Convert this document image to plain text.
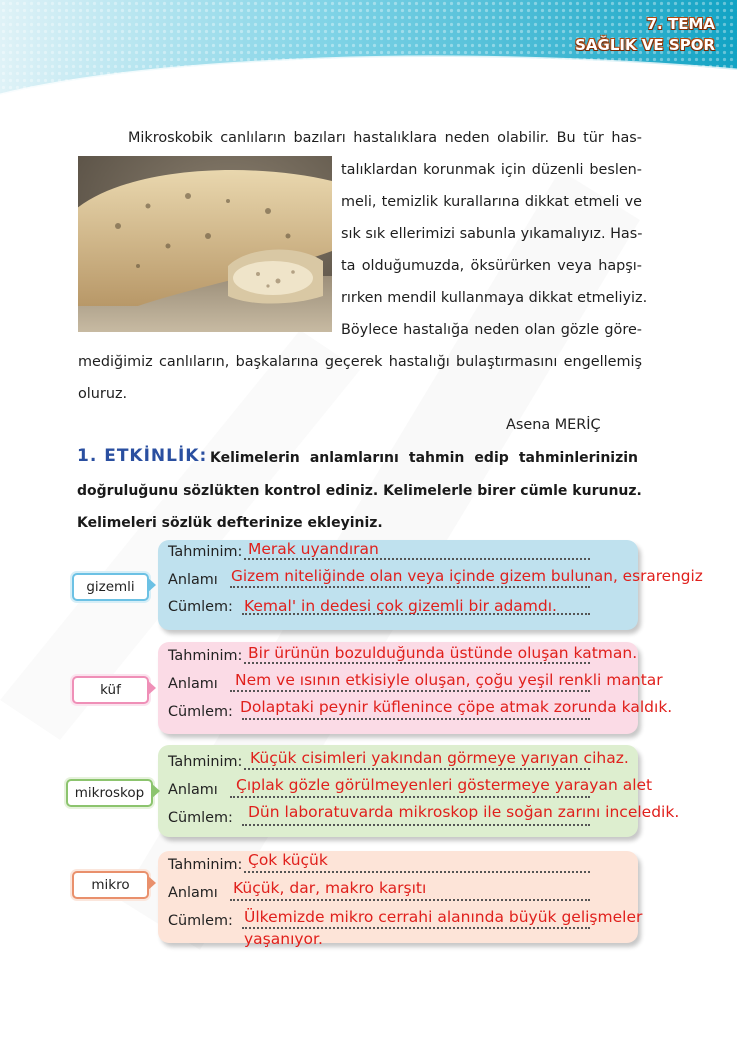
7. TEMA
SAĞLIK VE SPOR
Mikroskobik canlıların bazıları hastalıklara neden olabilir. Bu tür has-
talıklardan korunmak için düzenli beslen-
meli, temizlik kurallarına dikkat etmeli ve
sık sık ellerimizi sabunla yıkamalıyız. Has-
ta olduğumuzda, öksürürken veya hapşı-
rırken mendil kullanmaya dikkat etmeliyiz.
Böylece hastalığa neden olan gözle göre-
mediğimiz canlıların, başkalarına geçerek hastalığı bulaştırmasını engellemiş
oluruz.
Asena MERİÇ
1. ETKİNLİK: Kelimelerin anlamlarını tahmin edip tahminlerinizin
doğruluğunu sözlükten kontrol ediniz. Kelimelerle birer cümle kurunuz.
Kelimeleri sözlük defterinize ekleyiniz.
gizemli
Tahminim: Merak uyandıran
Anlamı Gizem niteliğinde olan veya içinde gizem bulunan, esrarengiz
Cümlem: Kemal' in dedesi çok gizemli bir adamdı.
küf
Tahminim: Bir ürünün bozulduğunda üstünde oluşan katman.
Anlamı Nem ve ısının etkisiyle oluşan, çoğu yeşil renkli mantar
Cümlem: Dolaptaki peynir küflenince çöpe atmak zorunda kaldık.
mikroskop
Tahminim: Küçük cisimleri yakından görmeye yarıyan cihaz.
Anlamı Çıplak gözle görülmeyenleri göstermeye yarayan alet
Cümlem: Dün laboratuvarda mikroskop ile soğan zarını inceledik.
mikro
Tahminim: Çok küçük
Anlamı Küçük, dar, makro karşıtı
Cümlem: Ülkemizde mikro cerrahi alanında büyük gelişmeler
yaşanıyor.
